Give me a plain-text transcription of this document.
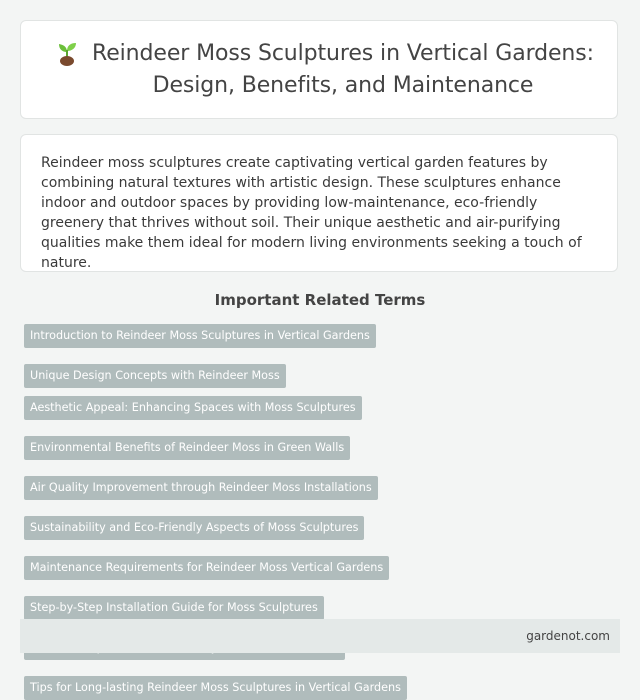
Reindeer Moss Sculptures in Vertical Gardens:
Design, Benefits, and Maintenance

Reindeer moss sculptures create captivating vertical garden features by combining natural textures with artistic design. These sculptures enhance indoor and outdoor spaces by providing low-maintenance, eco-friendly greenery that thrives without soil. Their unique aesthetic and air-purifying qualities make them ideal for modern living environments seeking a touch of nature.

Important Related Terms
Introduction to Reindeer Moss Sculptures in Vertical Gardens
Unique Design Concepts with Reindeer Moss
Aesthetic Appeal: Enhancing Spaces with Moss Sculptures
Environmental Benefits of Reindeer Moss in Green Walls
Air Quality Improvement through Reindeer Moss Installations
Sustainability and Eco-Friendly Aspects of Moss Sculptures
Maintenance Requirements for Reindeer Moss Vertical Gardens
Step-by-Step Installation Guide for Moss Sculptures
Tips for Long-lasting Reindeer Moss Sculptures in Vertical Gardens
gardenot.com
